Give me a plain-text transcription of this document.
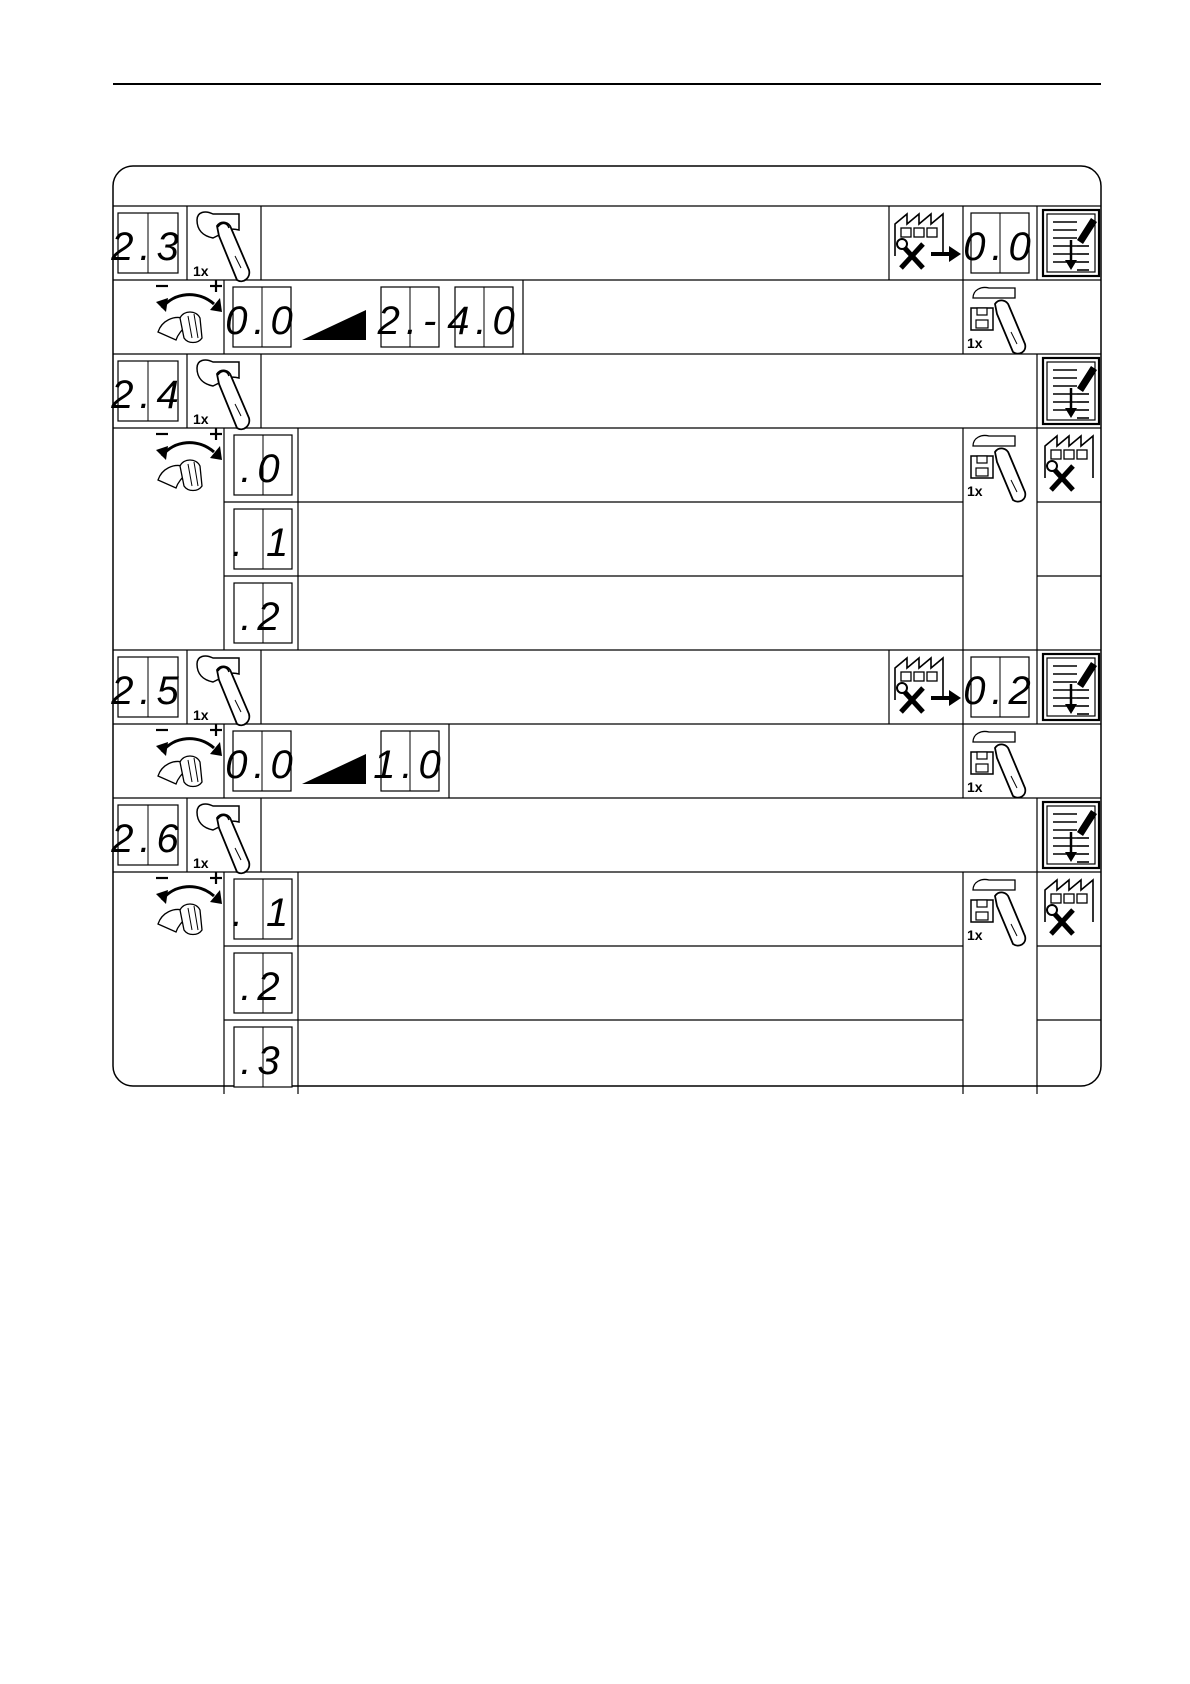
2.3
1x
0.0
0.0 2.- 4.0
1x
2.4
1x
.0
. 1
.2
1x
2.5
1x
0.2
0.0 1.0
1x
2.6
1x
. 1
.2
.3
1x
